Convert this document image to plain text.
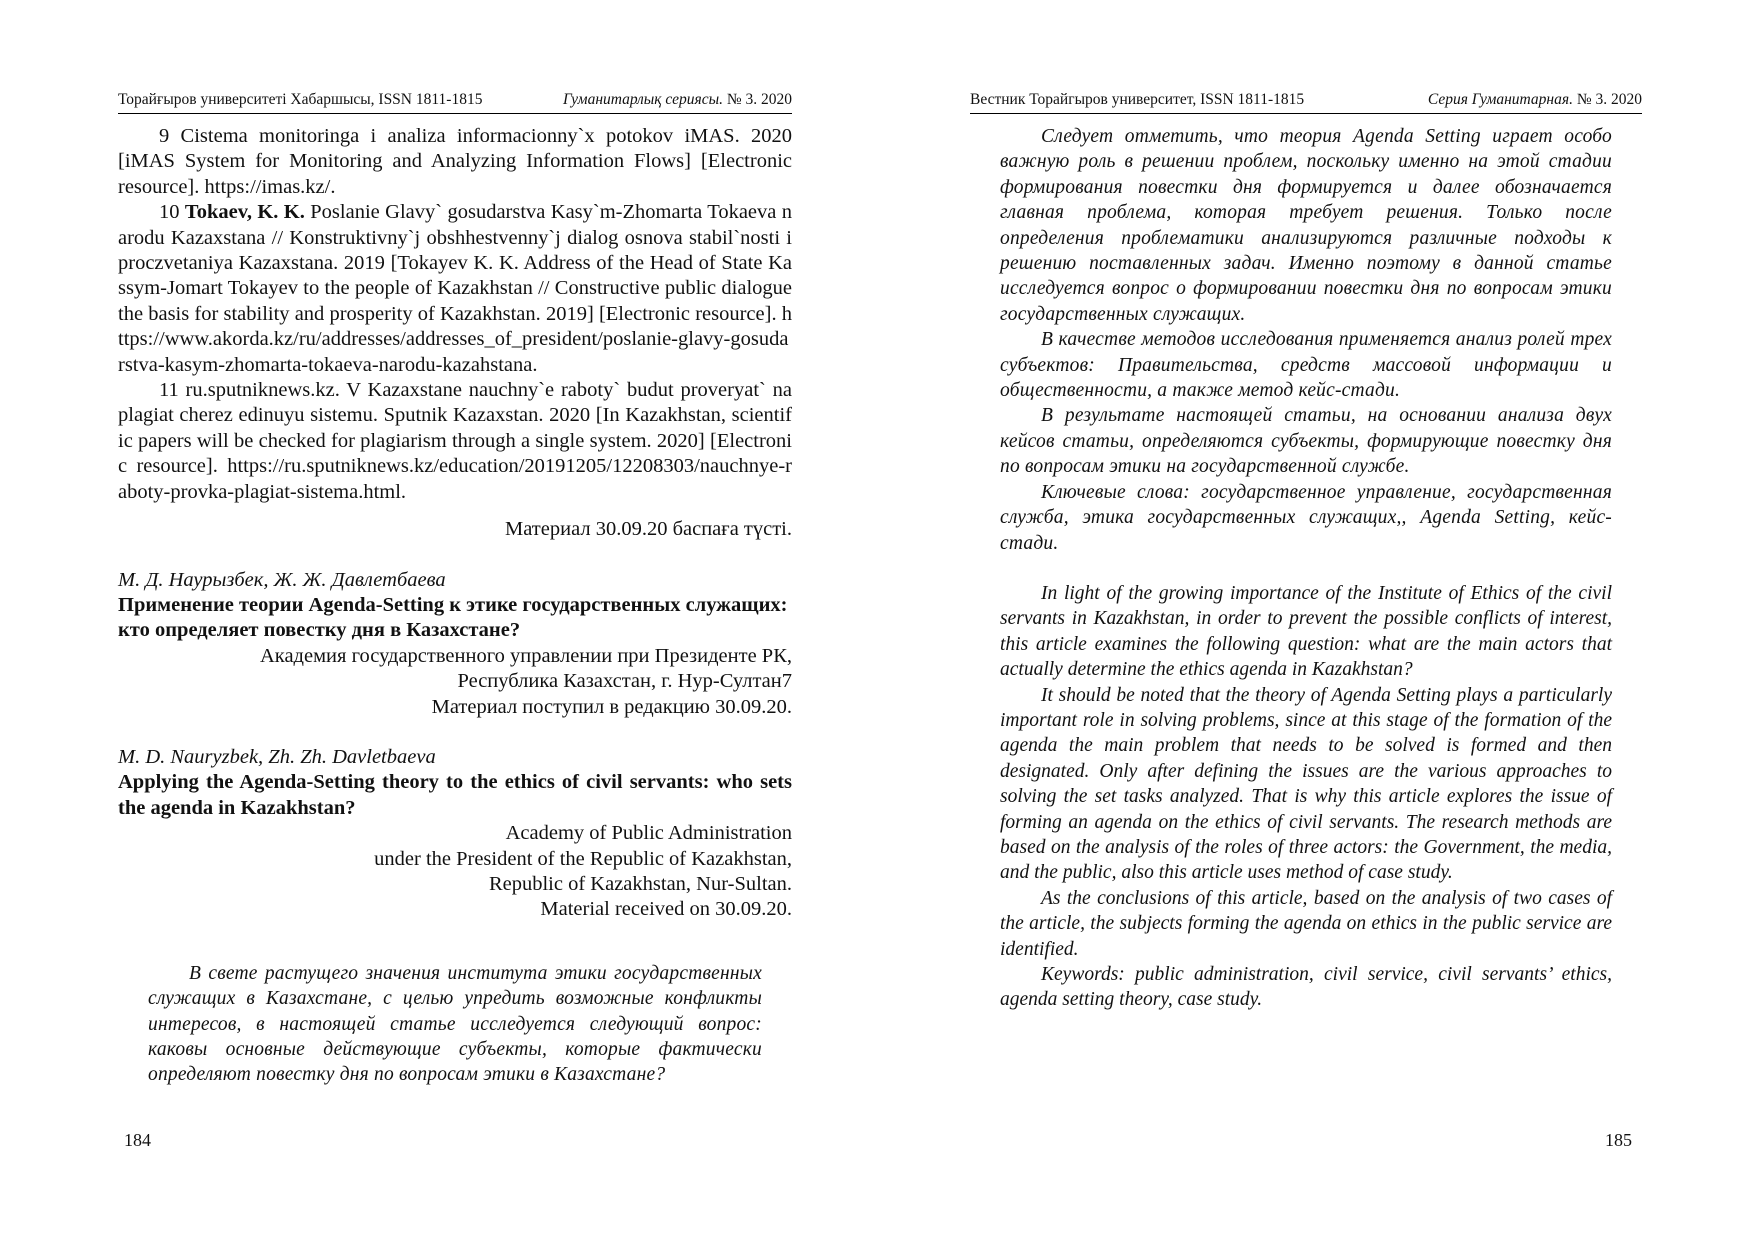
Торайғыров университеті Хабаршысы, ISSN 1811-1815	Гуманитарлық сериясы. № 3. 2020

9 Cistema monitoringa i analiza informacionny`x potokov iMAS. 2020 [iMAS System for Monitoring and Analyzing Information Flows] [Electronic resource]. https://imas.kz/.

10 Tokaev, K. K. Poslanie Glavy` gosudarstva Kasy`m-Zhomarta Tokaeva narodu Kazaxstana // Konstruktivny`j obshhestvenny`j dialog osnova stabil`nosti i proczvetaniya Kazaxstana. 2019 [Tokayev K. K. Address of the Head of State Kassym-Jomart Tokayev to the people of Kazakhstan // Constructive public dialogue the basis for stability and prosperity of Kazakhstan. 2019] [Electronic resource]. https://www.akorda.kz/ru/addresses/addresses_of_president/poslanie-glavy-gosudarstva-kasym-zhomarta-tokaeva-narodu-kazahstana.

11 ru.sputniknews.kz. V Kazaxstane nauchny`e raboty` budut proveryat` na plagiat cherez edinuyu sistemu. Sputnik Kazaxstan. 2020 [In Kazakhstan, scientific papers will be checked for plagiarism through a single system. 2020] [Electronic resource]. https://ru.sputniknews.kz/education/20191205/12208303/nauchnye-raboty-provka-plagiat-sistema.html.

Материал 30.09.20 баспаға түсті.

М. Д. Наурызбек, Ж. Ж. Давлетбаева

Применение теории Agenda-Setting к этике государственных служащих: кто определяет повестку дня в Казахстане?

Академия государственного управлении при Президенте РК,

Республика Казахстан, г. Нур-Султан7

Материал поступил в редакцию 30.09.20.

M. D. Nauryzbek, Zh. Zh. Davletbaeva

Applying the Agenda-Setting theory to the ethics of civil servants: who sets the agenda in Kazakhstan?

Academy of Public Administration

under the President of the Republic of Kazakhstan,

Republic of Kazakhstan, Nur-Sultan.

Material received on 30.09.20.

В свете растущего значения института этики государственных служащих в Казахстане, с целью упредить возможные конфликты интересов, в настоящей статье исследуется следующий вопрос: каковы основные действующие субъекты, которые фактически определяют повестку дня по вопросам этики в Казахстане?

184
Вестник Торайгыров университет, ISSN 1811-1815	Серия Гуманитарная. № 3. 2020

Следует отметить, что теория Agenda Setting играет особо важную роль в решении проблем, поскольку именно на этой стадии формирования повестки дня формируется и далее обозначается главная проблема, которая требует решения. Только после определения проблематики анализируются различные подходы к решению поставленных задач. Именно поэтому в данной статье исследуется вопрос о формировании повестки дня по вопросам этики государственных служащих.

В качестве методов исследования применяется анализ ролей трех субъектов: Правительства, средств массовой информации и общественности, а также метод кейс-стади.

В результате настоящей статьи, на основании анализа двух кейсов статьи, определяются субъекты, формирующие повестку дня по вопросам этики на государственной службе.

Ключевые слова: государственное управление, государственная служба, этика государственных служащих,, Agenda Setting, кейс-стади.

In light of the growing importance of the Institute of Ethics of the civil servants in Kazakhstan, in order to prevent the possible conflicts of interest, this article examines the following question: what are the main actors that actually determine the ethics agenda in Kazakhstan?

It should be noted that the theory of Agenda Setting plays a particularly important role in solving problems, since at this stage of the formation of the agenda the main problem that needs to be solved is formed and then designated. Only after defining the issues are the various approaches to solving the set tasks analyzed. That is why this article explores the issue of forming an agenda on the ethics of civil servants. The research methods are based on the analysis of the roles of three actors: the Government, the media, and the public, also this article uses method of case study.

As the conclusions of this article, based on the analysis of two cases of the article, the subjects forming the agenda on ethics in the public service are identified.

Keywords: public administration, civil service, civil servants’ ethics, agenda setting theory, case study.

185
